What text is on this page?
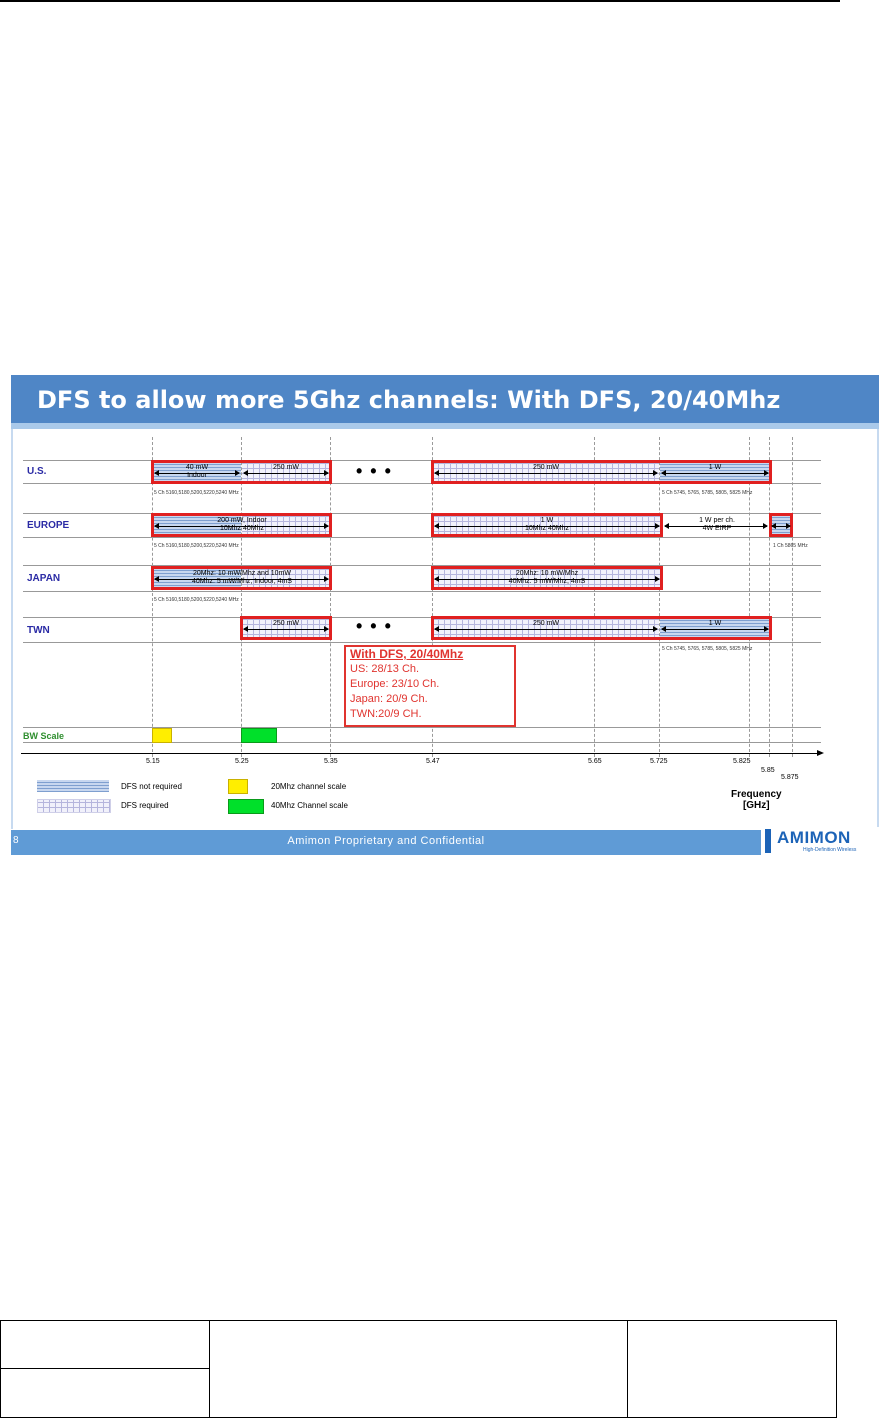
DFS to allow more 5Ghz channels: With DFS, 20/40Mhz
U.S.
EUROPE
JAPAN
TWN
40 mW
Indoor
250 mW	250 mW	1 W
•••
5 Ch 5160,5180,5200,5220,5240 MHz	5 Ch 5745, 5765, 5785, 5805, 5825 MHz
200 mW, Indoor
10Mhz 40Mhz
1 W
10Mhz 40Mhz
1 W per ch.
4W EIRP
5 Ch 5160,5180,5200,5220,5240 MHz	1 Ch 5865 MHz
20Mhz: 10 mW/Mhz and 10mW
40Mhz: 5 mW/Mhz, Indoor, 4mS
20Mhz: 10 mW/Mhz
40Mhz: 5 mW/Mhz, 4mS
5 Ch 5160,5180,5200,5220,5240 MHz
250 mW	250 mW	1 W
•••
5 Ch 5745, 5765, 5785, 5805, 5825 MHz
With DFS, 20/40Mhz
US: 28/13 Ch.
Europe: 23/10 Ch.
Japan: 20/9 Ch.
TWN:20/9 CH.
BW Scale
5.15	5.25	5.35	5.47	5.65	5.725	5.825
5.85
5.875
Frequency
[GHz]
DFS not required
DFS required
20Mhz channel scale
40Mhz Channel scale
8	Amimon Proprietary and Confidential	AMIMON
High-Definition Wireless
